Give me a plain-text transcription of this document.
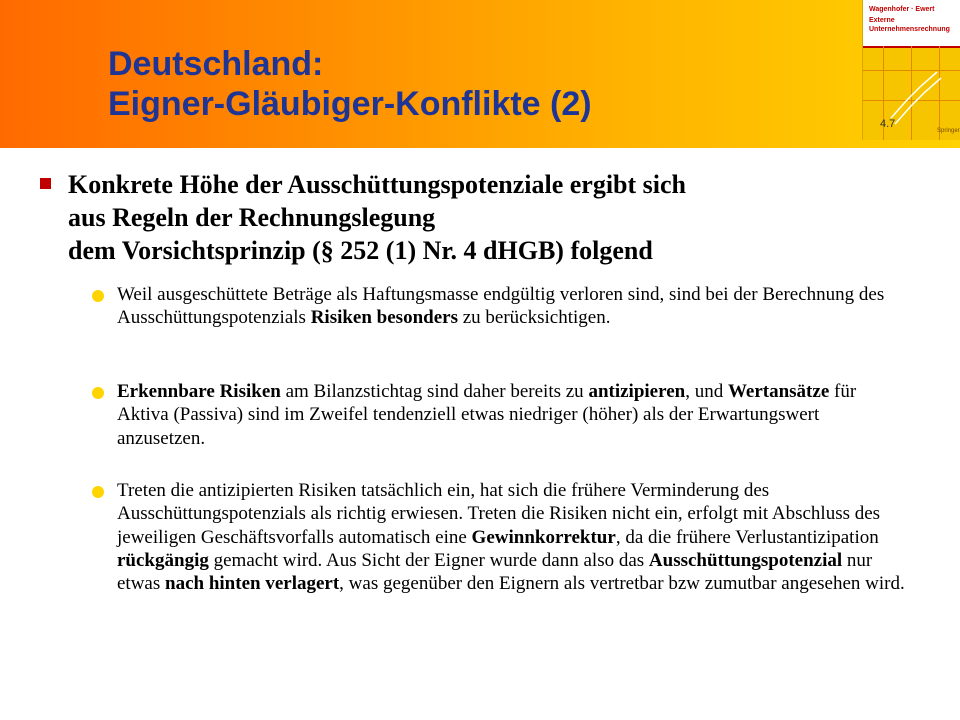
Deutschland:
Eigner-Gläubiger-Konflikte (2)
Wagenhofer · Ewert
Externe
Unternehmensrechnung
Springer
4.7
Konkrete Höhe der Ausschüttungspotenziale ergibt sich
aus Regeln der Rechnungslegung
dem Vorsichtsprinzip (§ 252 (1) Nr. 4 dHGB) folgend
Weil ausgeschüttete Beträge als Haftungsmasse endgültig verloren sind, sind bei der Berechnung des Ausschüttungspotenzials Risiken besonders zu berücksichtigen.
Erkennbare Risiken am Bilanzstichtag sind daher bereits zu antizipieren, und Wertansätze für Aktiva (Passiva) sind im Zweifel tendenziell etwas niedriger (höher) als der Erwartungswert anzusetzen.
Treten die antizipierten Risiken tatsächlich ein, hat sich die frühere Verminderung des Ausschüttungspotenzials als richtig erwiesen. Treten die Risiken nicht ein, erfolgt mit Abschluss des jeweiligen Geschäftsvorfalls automatisch eine Gewinnkorrektur, da die frühere Verlustantizipation rückgängig gemacht wird. Aus Sicht der Eigner wurde dann also das Ausschüttungspotenzial nur etwas nach hinten verlagert, was gegenüber den Eignern als vertretbar bzw zumutbar angesehen wird.
